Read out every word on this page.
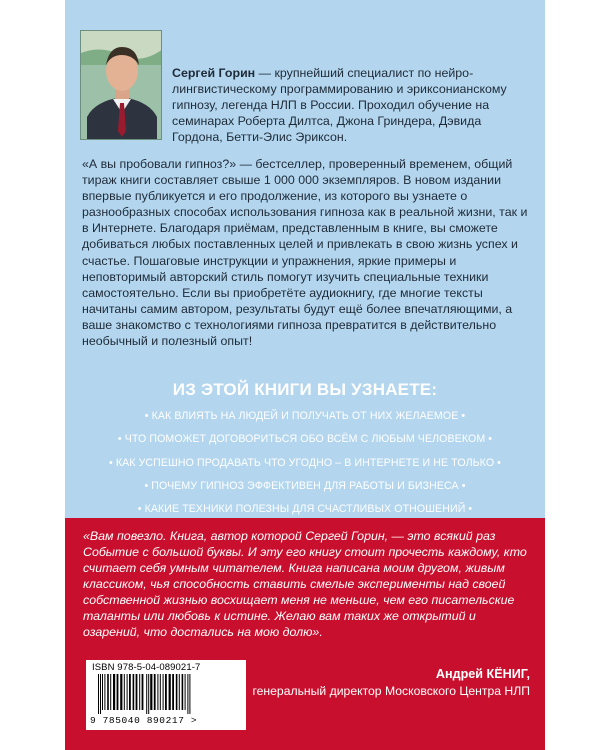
Сергей Горин — крупнейший специалист по нейролингвистическому программированию и эриксонианскому гипнозу, легенда НЛП в России. Проходил обучение на семинарах Роберта Дилтса, Джона Гриндера, Дэвида Гордона, Бетти-Элис Эриксон.
«А вы пробовали гипноз?» — бестселлер, проверенный временем, общий тираж книги составляет свыше 1 000 000 экземпляров. В новом издании впервые публикуется и его продолжение, из которого вы узнаете о разнообразных способах использования гипноза как в реальной жизни, так и в Интернете. Благодаря приёмам, представленным в книге, вы сможете добиваться любых поставленных целей и привлекать в свою жизнь успех и счастье. Пошаговые инструкции и упражнения, яркие примеры и неповторимый авторский стиль помогут изучить специальные техники самостоятельно. Если вы приобретёте аудиокнигу, где многие тексты начитаны самим автором, результаты будут ещё более впечатляющими, а ваше знакомство с технологиями гипноза превратится в действительно необычный и полезный опыт!
ИЗ ЭТОЙ КНИГИ ВЫ УЗНАЕТЕ:
• КАК ВЛИЯТЬ НА ЛЮДЕЙ И ПОЛУЧАТЬ ОТ НИХ ЖЕЛАЕМОЕ •
• ЧТО ПОМОЖЕТ ДОГОВОРИТЬСЯ ОБО ВСЁМ С ЛЮБЫМ ЧЕЛОВЕКОМ •
• КАК УСПЕШНО ПРОДАВАТЬ ЧТО УГОДНО – В ИНТЕРНЕТЕ И НЕ ТОЛЬКО •
• ПОЧЕМУ ГИПНОЗ ЭФФЕКТИВЕН ДЛЯ РАБОТЫ И БИЗНЕСА •
• КАКИЕ ТЕХНИКИ ПОЛЕЗНЫ ДЛЯ СЧАСТЛИВЫХ ОТНОШЕНИЙ •
«Вам повезло. Книга, автор которой Сергей Горин, — это всякий раз Событие с большой буквы. И эту его книгу стоит прочесть каждому, кто считает себя умным читателем. Книга написана моим другом, живым классиком, чья способность ставить смелые эксперименты над своей собственной жизнью восхищает меня не меньше, чем его писательские таланты или любовь к истине. Желаю вам таких же открытий и озарений, что достались на мою долю».
ISBN 978-5-04-089021-7
9 785040 890217 >
Андрей КЁНИГ,
генеральный директор Московского Центра НЛП
